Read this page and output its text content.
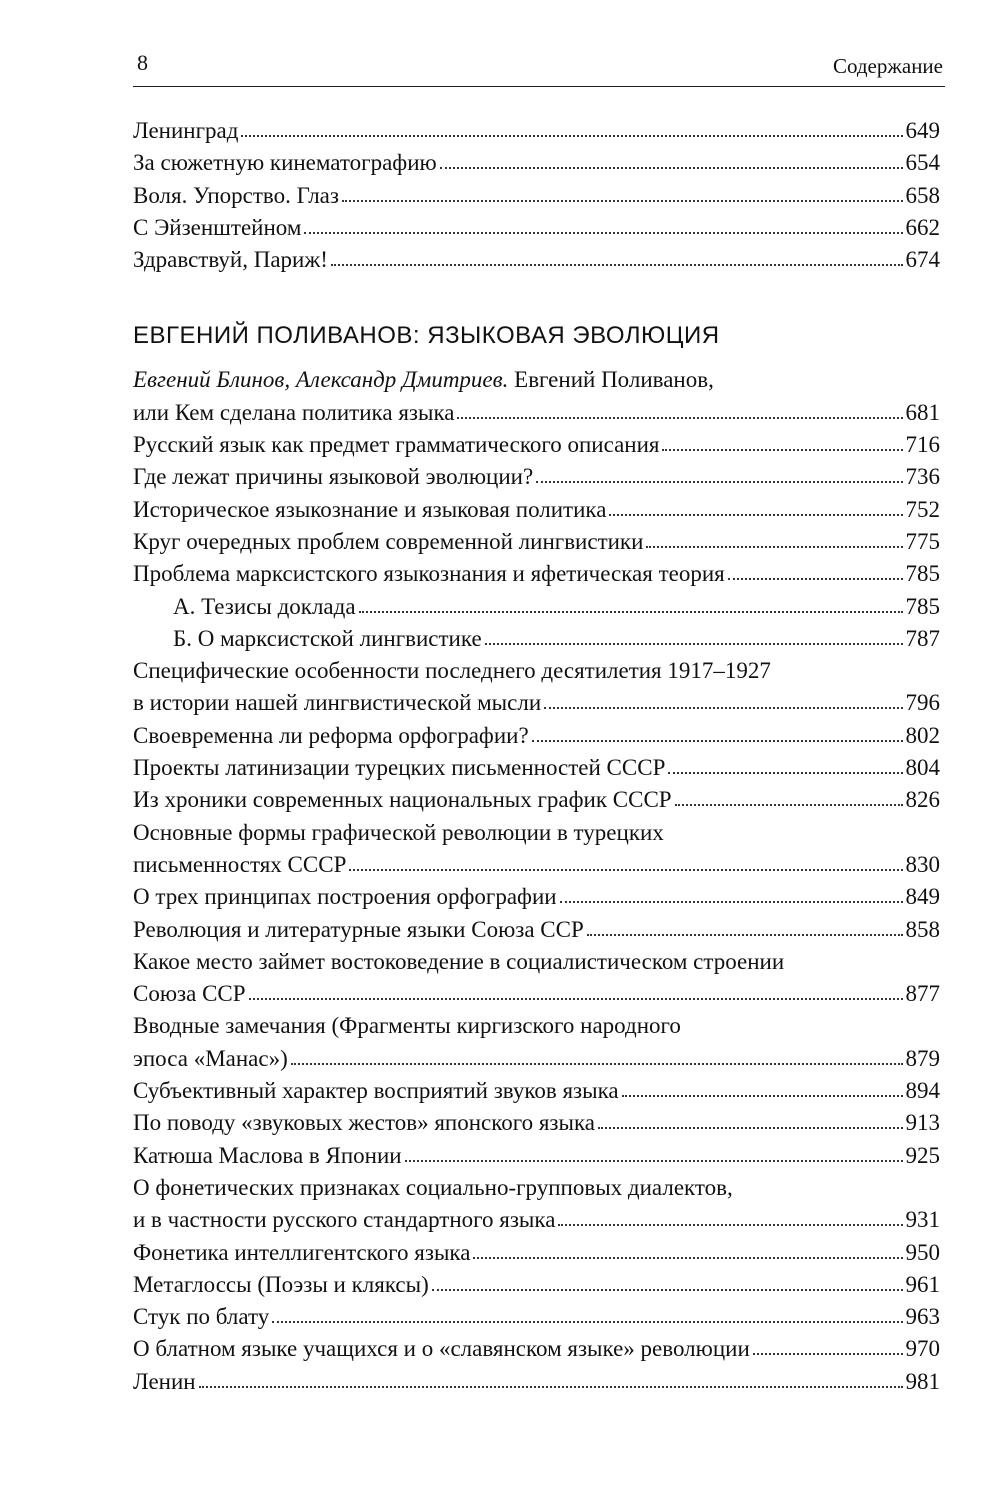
8	Содержание
Ленинград	649
За сюжетную кинематографию	654
Воля. Упорство. Глаз	658
С Эйзенштейном	662
Здравствуй, Париж!	674
ЕВГЕНИЙ ПОЛИВАНОВ: ЯЗЫКОВАЯ ЭВОЛЮЦИЯ
Евгений Блинов, Александр Дмитриев. Евгений Поливанов,
или Кем сделана политика языка	681
Русский язык как предмет грамматического описания	716
Где лежат причины языковой эволюции?	736
Историческое языкознание и языковая политика	752
Круг очередных проблем современной лингвистики	775
Проблема марксистского языкознания и яфетическая теория	785
А. Тезисы доклада	785
Б. О марксистской лингвистике	787
Специфические особенности последнего десятилетия 1917–1927
в истории нашей лингвистической мысли	796
Своевременна ли реформа орфографии?	802
Проекты латинизации турецких письменностей СССР	804
Из хроники современных национальных график СССР	826
Основные формы графической революции в турецких
письменностях СССР	830
О трех принципах построения орфографии	849
Революция и литературные языки Союза ССР	858
Какое место займет востоковедение в социалистическом строении
Союза ССР	877
Вводные замечания (Фрагменты киргизского народного
эпоса «Манас»)	879
Субъективный характер восприятий звуков языка	894
По поводу «звуковых жестов» японского языка	913
Катюша Маслова в Японии	925
О фонетических признаках социально-групповых диалектов,
и в частности русского стандартного языка	931
Фонетика интеллигентского языка	950
Метаглоссы (Поэзы и кляксы)	961
Стук по блату	963
О блатном языке учащихся и о «славянском языке» революции	970
Ленин	981
